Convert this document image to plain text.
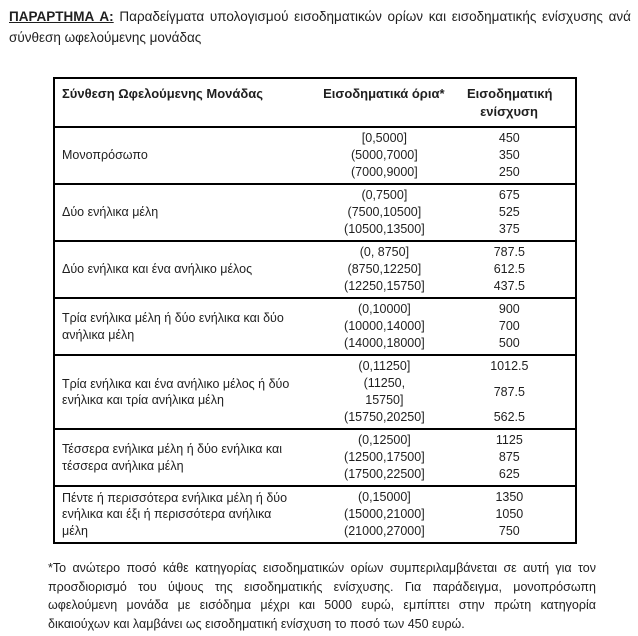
ΠΑΡΑΡΤΗΜΑ Α: Παραδείγματα υπολογισμού εισοδηματικών ορίων και εισοδηματικής ενίσχυσης ανά σύνθεση ωφελούμενης μονάδας

Σύνθεση Ωφελούμενης Μονάδας	Εισοδηματικά όρια*	Εισοδηματική ενίσχυση
Μονοπρόσωπο
[0,5000]
(5000,7000]
(7000,9000]
450
350
250
Δύο ενήλικα μέλη
(0,7500]
(7500,10500]
(10500,13500]
675
525
375
Δύο ενήλικα και ένα ανήλικο μέλος
(0, 8750]
(8750,12250]
(12250,15750]
787.5
612.5
437.5
Τρία ενήλικα μέλη ή δύο ενήλικα και δύο ανήλικα μέλη
(0,10000]
(10000,14000]
(14000,18000]
900
700
500
Τρία ενήλικα και ένα ανήλικο μέλος ή δύο ενήλικα και τρία ανήλικα μέλη
(0,11250]
(11250,
15750]
(15750,20250]
1012.5
787.5
562.5
Τέσσερα ενήλικα μέλη ή δύο ενήλικα και τέσσερα ανήλικα μέλη
(0,12500]
(12500,17500]
(17500,22500]
1125
875
625
Πέντε ή περισσότερα ενήλικα μέλη ή δύο ενήλικα και έξι ή περισσότερα ανήλικα μέλη
(0,15000]
(15000,21000]
(21000,27000]
1350
1050
750

*Το ανώτερο ποσό κάθε κατηγορίας εισοδηματικών ορίων συμπεριλαμβάνεται σε αυτή για τον προσδιορισμό του ύψους της εισοδηματικής ενίσχυσης. Για παράδειγμα, μονοπρόσωπη ωφελούμενη μονάδα με εισόδημα μέχρι και 5000 ευρώ, εμπίπτει στην πρώτη κατηγορία δικαιούχων και λαμβάνει ως εισοδηματική ενίσχυση το ποσό των 450 ευρώ.
